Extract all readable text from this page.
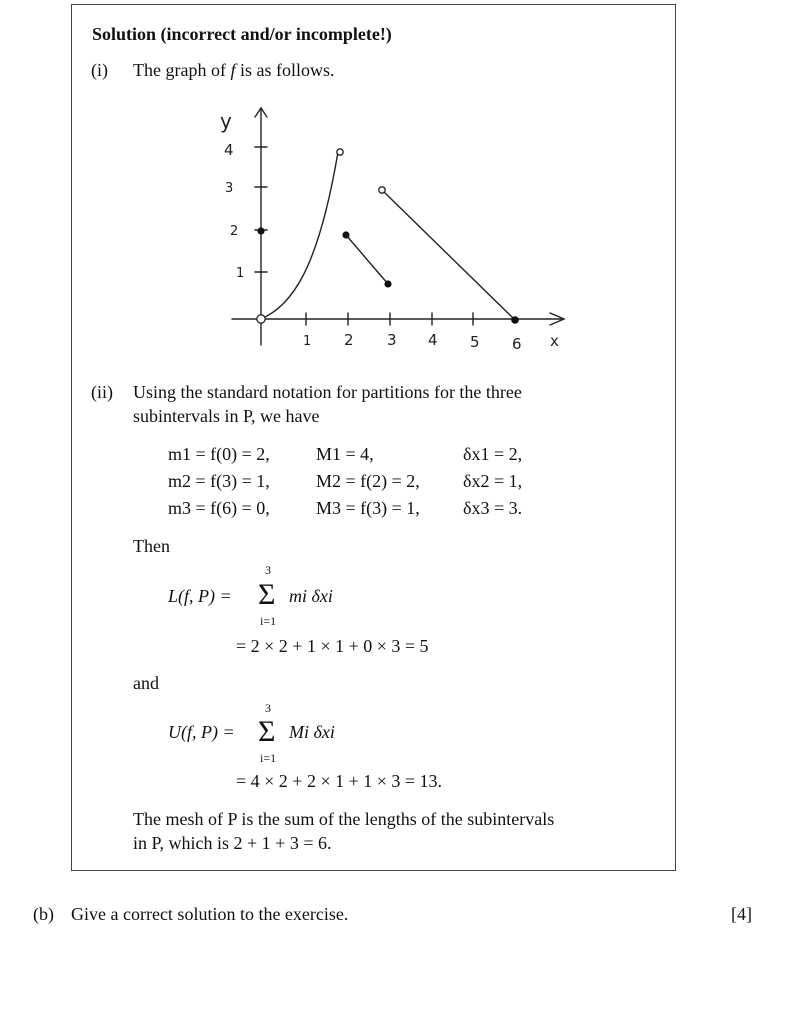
Solution (incorrect and/or incomplete!)
(i) The graph of f is as follows.
y
x
1
2
3
4
1 2 3 4 5 6
(ii) Using the standard notation for partitions for the three
subintervals in P, we have
m1 = f(0) = 2,	M1 = 4,	δx1 = 2,
m2 = f(3) = 1,	M2 = f(2) = 2, δx2 = 1,
m3 = f(6) = 0,	M3 = f(3) = 1, δx3 = 3.
Then
L(f, P) =
3
Σ
i=1
mi δxi
= 2 × 2 + 1 × 1 + 0 × 3 = 5
and
U(f, P) =
3
Σ
i=1
Mi δxi
= 4 × 2 + 2 × 1 + 1 × 3 = 13.
The mesh of P is the sum of the lengths of the subintervals
in P, which is 2 + 1 + 3 = 6.
(b) Give a correct solution to the exercise.	[4]
